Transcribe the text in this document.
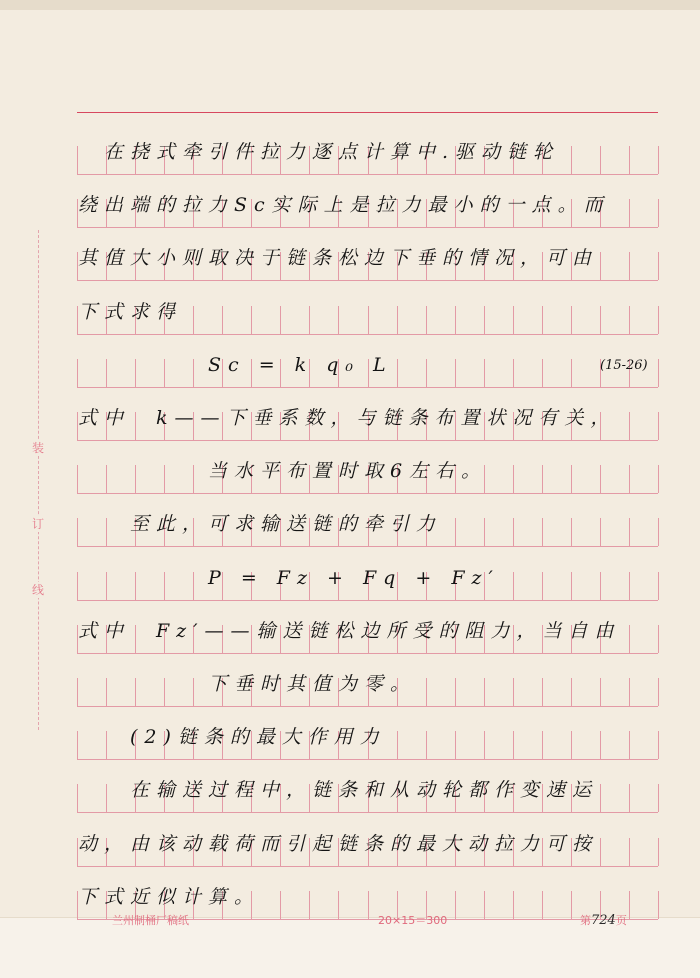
装
订
线
　在挠式牵引件拉力逐点计算中.驱动链轮
绕出端的拉力Sc实际上是拉力最小的一点。而
其值大小则取决于链条松边下垂的情况，可由
下式求得
　　　　　Sc = k q₀ L
式中　k——下垂系数，与链条布置状况有关，
　　　　　当水平布置时取6左右。
　　至此，可求输送链的牵引力
　　　　　P = Fz + Fq + Fz′
式中　Fz′——输送链松边所受的阻力，当自由
　　　　　下垂时其值为零。
　　(2)链条的最大作用力
　　在输送过程中，链条和从动轮都作变速运
动，由该动载荷而引起链条的最大动拉力可按
下式近似计算。
(15-26)
兰州制桶厂稿纸	20×15＝300	第724页
